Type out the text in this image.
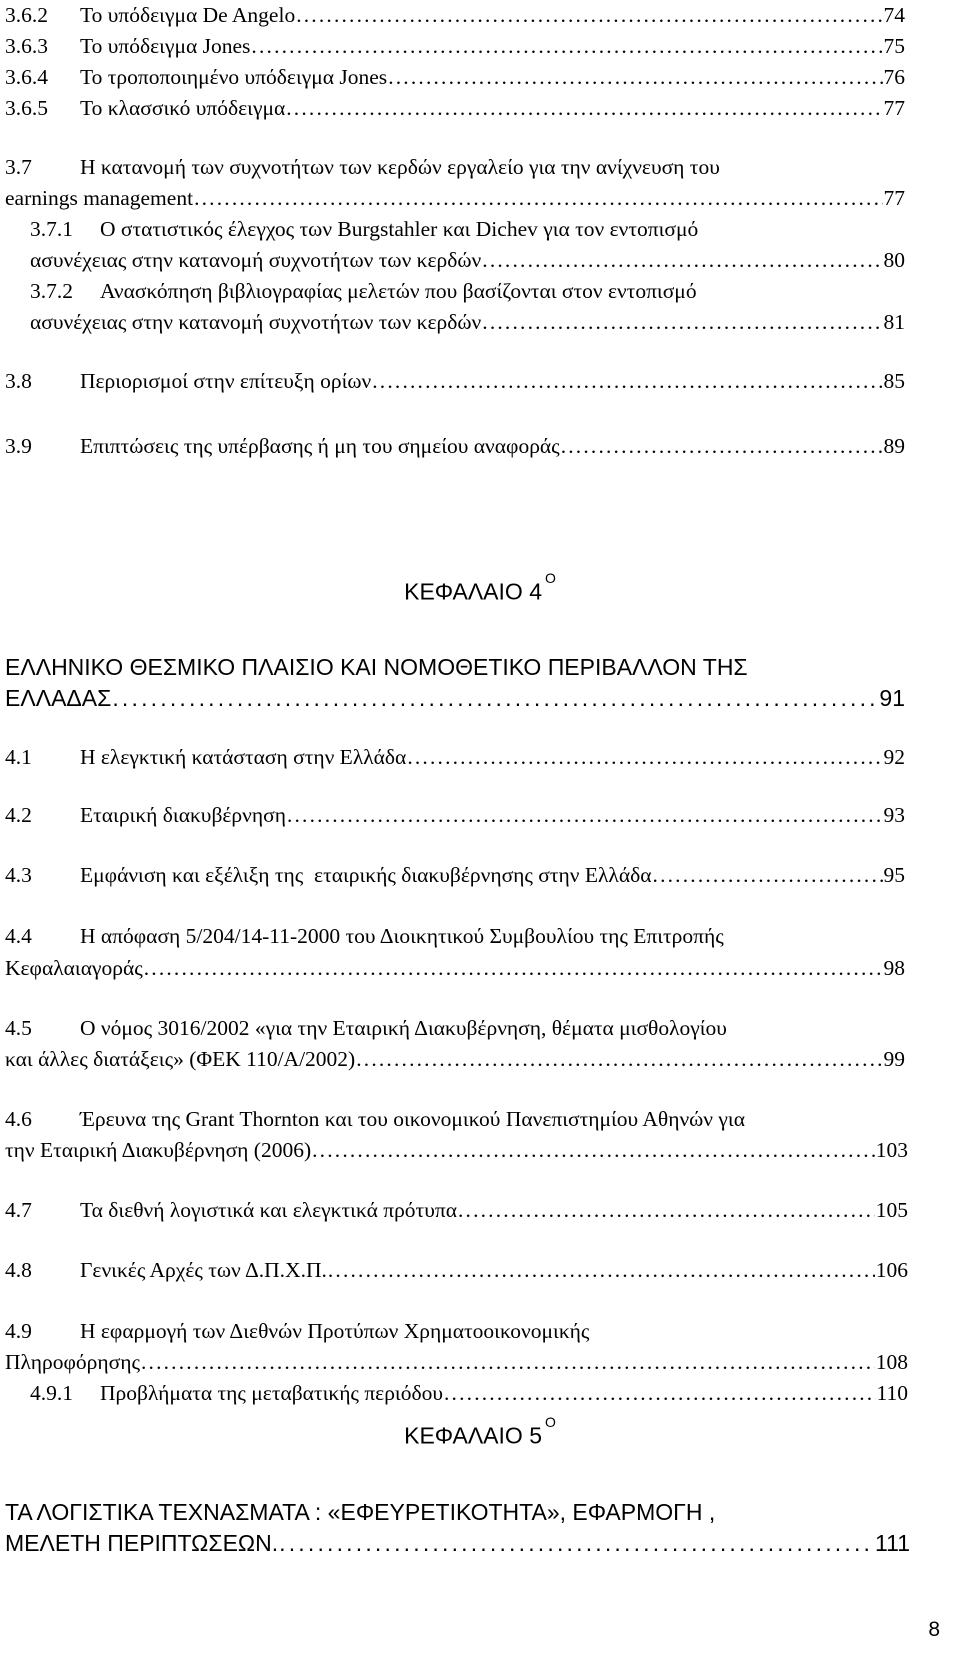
3.6.2 Το υπόδειγμα De Angelo . . .	74
3.6.3 Το υπόδειγμα Jones . . .	75
3.6.4 Το τροποποιημένο υπόδειγμα Jones . . .	76
3.6.5 Το κλασσικό υπόδειγμα . . .	77
3.7 Η κατανομή των συχνοτήτων των κερδών εργαλείο για την ανίχνευση του
earnings management . . .	77
3.7.1 Ο στατιστικός έλεγχος των Burgstahler και Dichev για τον εντοπισμό
ασυνέχειας στην κατανομή συχνοτήτων των κερδών . . .	80
3.7.2 Ανασκόπηση βιβλιογραφίας μελετών που βασίζονται στον εντοπισμό
ασυνέχειας στην κατανομή συχνοτήτων των κερδών . . .	81
3.8 Περιορισμοί στην επίτευξη ορίων . . .	85
3.9 Επιπτώσεις της υπέρβασης ή μη του σημείου αναφοράς . . .	89
ΚΕΦΑΛΑΙΟ $4^O$
ΕΛΛΗΝΙΚΟ ΘΕΣΜΙΚΟ ΠΛΑΙΣΙΟ ΚΑΙ ΝΟΜΟΘΕΤΙΚΟ ΠΕΡΙΒΑΛΛΟΝ ΤΗΣ
ΕΛΛΑΔΑΣ . . .	91
4.1 Η ελεγκτική κατάσταση στην Ελλάδα . . .	92
4.2 Εταιρική διακυβέρνηση . . .	93
4.3 Εμφάνιση και εξέλιξη της  εταιρικής διακυβέρνησης στην Ελλάδα . . .	95
4.4 Η απόφαση 5/204/14-11-2000 του Διοικητικού Συμβουλίου της Επιτροπής
Κεφαλαιαγοράς . . .	98
4.5 Ο νόμος 3016/2002 «για την Εταιρική Διακυβέρνηση, θέματα μισθολογίου
και άλλες διατάξεις» (ΦΕΚ 110/Α/2002) . . .	99
4.6 Έρευνα της Grant Thornton και του οικονομικού Πανεπιστημίου Αθηνών για
την Εταιρική Διακυβέρνηση (2006) . . .	103
4.7 Τα διεθνή λογιστικά και ελεγκτικά πρότυπα . . .	105
4.8 Γενικές Αρχές των Δ.Π.Χ.Π. . . .	106
4.9 Η εφαρμογή των Διεθνών Προτύπων Χρηματοοικονομικής
Πληροφόρησης . . .	108
4.9.1 Προβλήματα της μεταβατικής περιόδου . . .	110
ΚΕΦΑΛΑΙΟ $5^O$
ΤΑ ΛΟΓΙΣΤΙΚΑ ΤΕΧΝΑΣΜΑΤΑ : «ΕΦΕΥΡΕΤΙΚΟΤΗΤΑ», ΕΦΑΡΜΟΓΗ ,
ΜΕΛΕΤΗ ΠΕΡΙΠΤΩΣΕΩΝ. . . .	111
8
